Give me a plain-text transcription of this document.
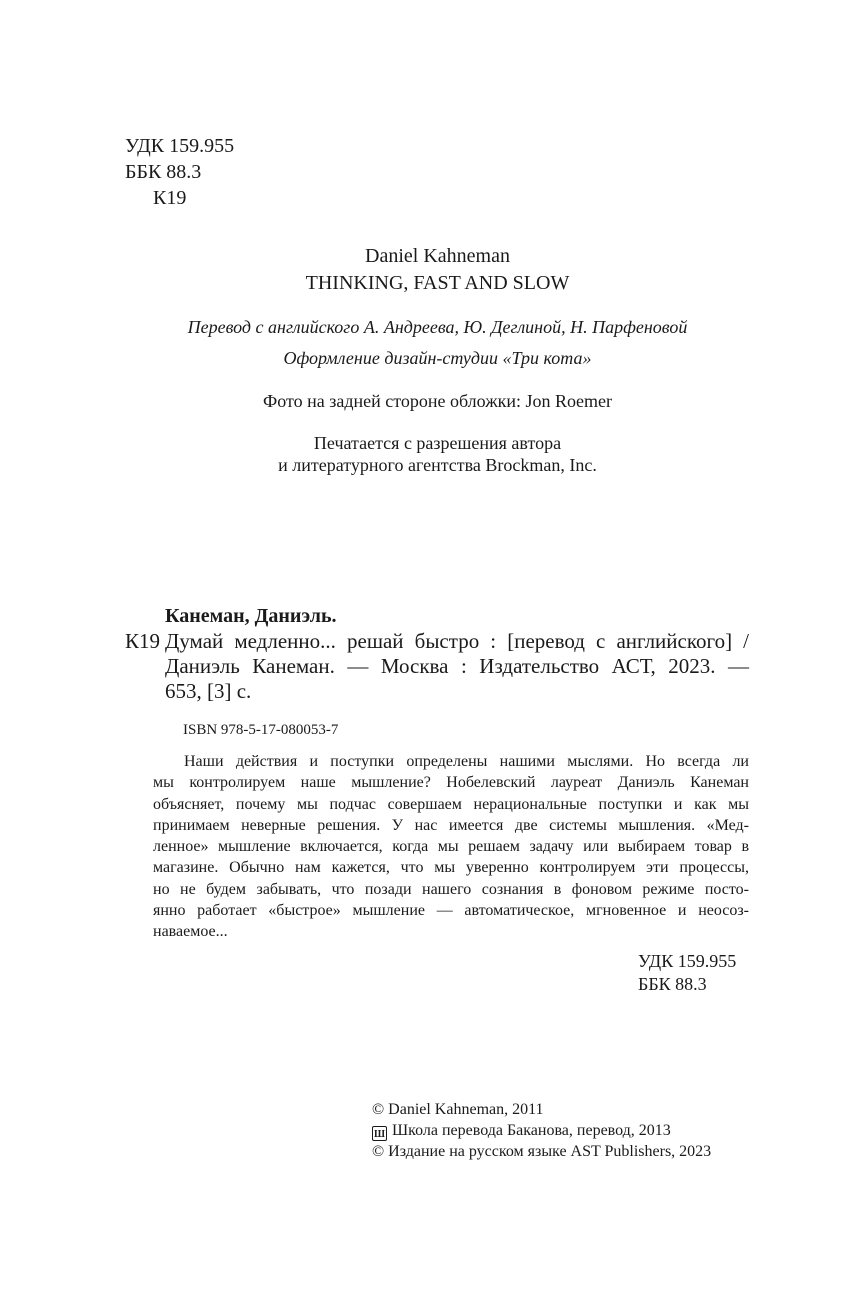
УДК 159.955
ББК 88.3
К19
Daniel Kahneman
THINKING, FAST AND SLOW
Перевод с английского А. Андреева, Ю. Деглиной, Н. Парфеновой
Оформление дизайн-студии «Три кота»
Фото на задней стороне обложки: Jon Roemer
Печатается с разрешения автора
и литературного агентства Brockman, Inc.
Канеман, Даниэль.
К19 Думай медленно... решай быстро : [перевод с английского] /
Даниэль Канеман. — Москва : Издательство АСТ, 2023. —
653, [3] с.
ISBN 978-5-17-080053-7
Наши действия и поступки определены нашими мыслями. Но всегда ли
мы контролируем наше мышление? Нобелевский лауреат Даниэль Канеман
объясняет, почему мы подчас совершаем нерациональные поступки и как мы
принимаем неверные решения. У нас имеется две системы мышления. «Мед-
ленное» мышление включается, когда мы решаем задачу или выбираем товар в
магазине. Обычно нам кажется, что мы уверенно контролируем эти процессы,
но не будем забывать, что позади нашего сознания в фоновом режиме посто-
янно работает «быстрое» мышление — автоматическое, мгновенное и неосоз-
наваемое...
УДК 159.955
ББК 88.3
© Daniel Kahneman, 2011
Ш Школа перевода Баканова, перевод, 2013
© Издание на русском языке AST Publishers, 2023
